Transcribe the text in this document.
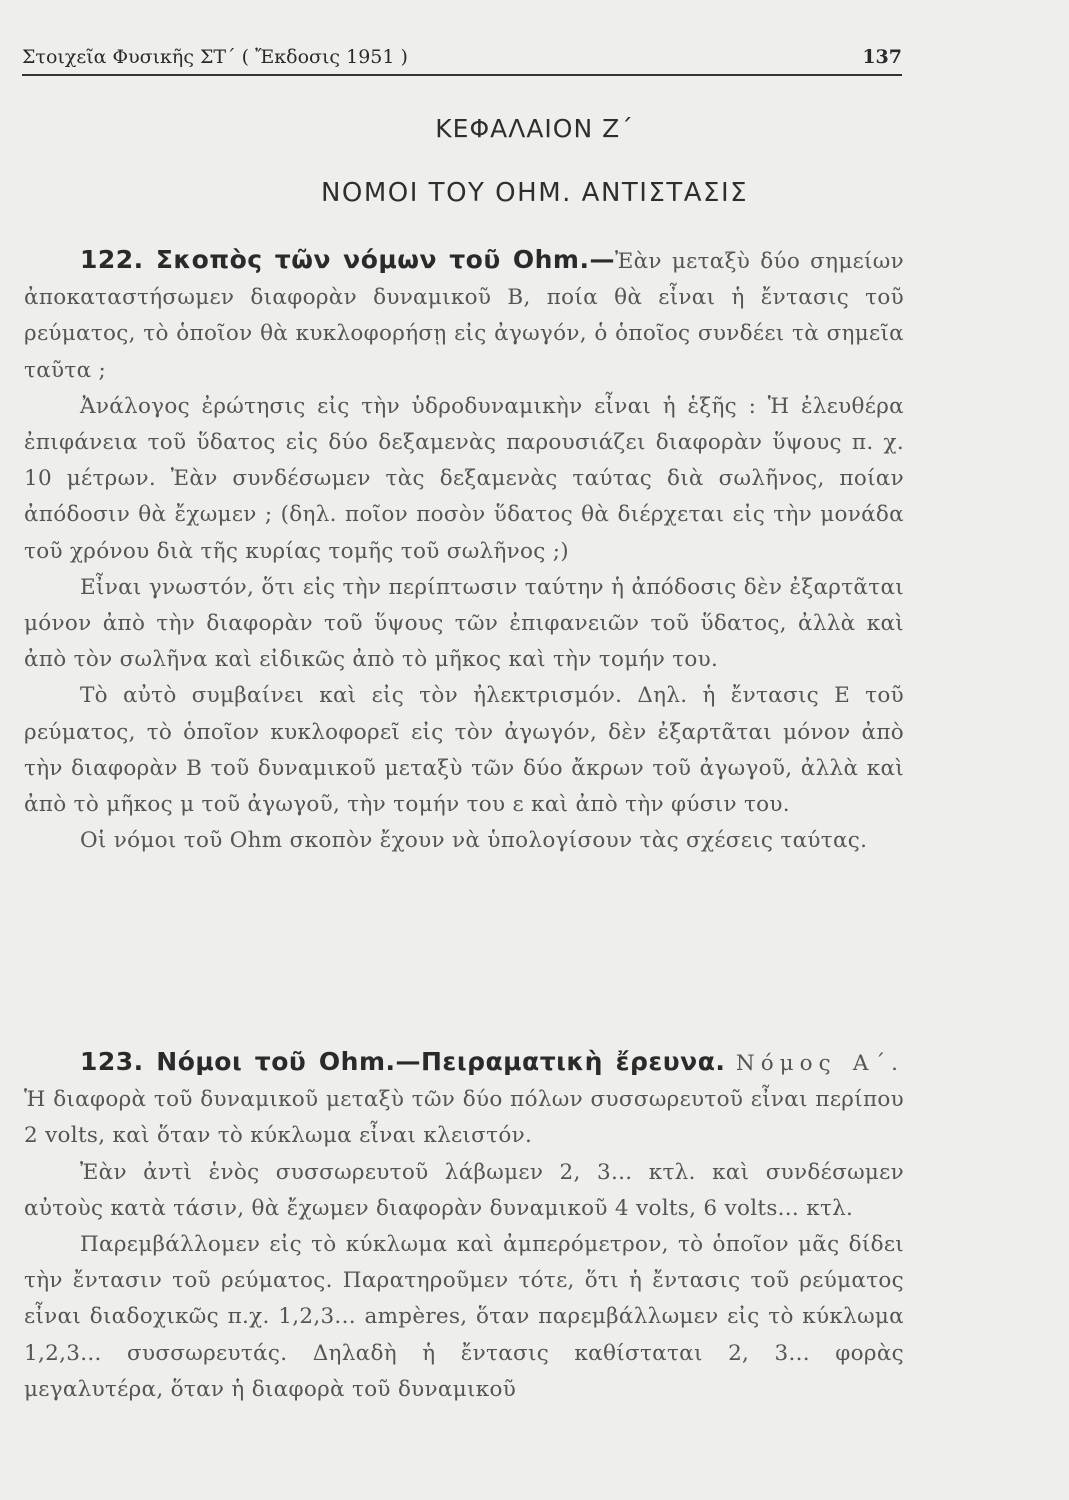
Στοιχεῖα Φυσικῆς ΣΤ΄ ( Ἔκδοσις 1951 )	137
ΚΕΦΑΛΑΙΟΝ Ζ΄
ΝΟΜΟΙ ΤΟΥ ΟΗΜ. ΑΝΤΙΣΤΑΣΙΣ

122. Σκοπὸς τῶν νόμων τοῦ Ohm.—Ἐὰν μεταξὺ δύο σημείων ἀποκαταστήσωμεν διαφορὰν δυναμικοῦ Β, ποία θὰ εἶναι ἡ ἔντασις τοῦ ρεύματος, τὸ ὁποῖον θὰ κυκλοφορήσῃ εἰς ἀγωγόν, ὁ ὁποῖος συνδέει τὰ σημεῖα ταῦτα ;

Ἀνάλογος ἐρώτησις εἰς τὴν ὑδροδυναμικὴν εἶναι ἡ ἑξῆς : Ἡ ἐλευθέρα ἐπιφάνεια τοῦ ὕδατος εἰς δύο δεξαμενὰς παρουσιάζει διαφορὰν ὕψους π. χ. 10 μέτρων. Ἐὰν συνδέσωμεν τὰς δεξαμενὰς ταύτας διὰ σωλῆνος, ποίαν ἀπόδοσιν θὰ ἔχωμεν ; (δηλ. ποῖον ποσὸν ὕδατος θὰ διέρχεται εἰς τὴν μονάδα τοῦ χρόνου διὰ τῆς κυρίας τομῆς τοῦ σωλῆνος ;)

Εἶναι γνωστόν, ὅτι εἰς τὴν περίπτωσιν ταύτην ἡ ἀπόδοσις δὲν ἐξαρτᾶται μόνον ἀπὸ τὴν διαφορὰν τοῦ ὕψους τῶν ἐπιφανειῶν τοῦ ὕδατος, ἀλλὰ καὶ ἀπὸ τὸν σωλῆνα καὶ εἰδικῶς ἀπὸ τὸ μῆκος καὶ τὴν τομήν του.

Τὸ αὐτὸ συμβαίνει καὶ εἰς τὸν ἠλεκτρισμόν. Δηλ. ἡ ἔντασις Ε τοῦ ρεύματος, τὸ ὁποῖον κυκλοφορεῖ εἰς τὸν ἀγωγόν, δὲν ἐξαρτᾶται μόνον ἀπὸ τὴν διαφορὰν Β τοῦ δυναμικοῦ μεταξὺ τῶν δύο ἄκρων τοῦ ἀγωγοῦ, ἀλλὰ καὶ ἀπὸ τὸ μῆκος μ τοῦ ἀγωγοῦ, τὴν τομήν του ε καὶ ἀπὸ τὴν φύσιν του.

Οἱ νόμοι τοῦ Ohm σκοπὸν ἔχουν νὰ ὑπολογίσουν τὰς σχέσεις ταύτας.

123. Νόμοι τοῦ Ohm.—Πειραματικὴ ἔρευνα. Νόμος Α΄. Ἡ διαφορὰ τοῦ δυναμικοῦ μεταξὺ τῶν δύο πόλων συσσωρευτοῦ εἶναι περίπου 2 volts, καὶ ὅταν τὸ κύκλωμα εἶναι κλειστόν.

Ἐὰν ἀντὶ ἑνὸς συσσωρευτοῦ λάβωμεν 2, 3... κτλ. καὶ συνδέσωμεν αὐτοὺς κατὰ τάσιν, θὰ ἔχωμεν διαφορὰν δυναμικοῦ 4 volts, 6 volts... κτλ.

Παρεμβάλλομεν εἰς τὸ κύκλωμα καὶ ἀμπερόμετρον, τὸ ὁποῖον μᾶς δίδει τὴν ἔντασιν τοῦ ρεύματος. Παρατηροῦμεν τότε, ὅτι ἡ ἔντασις τοῦ ρεύματος εἶναι διαδοχικῶς π.χ. 1,2,3... ampères, ὅταν παρεμβάλλωμεν εἰς τὸ κύκλωμα 1,2,3... συσσωρευτάς. Δηλαδὴ ἡ ἔντασις καθίσταται 2, 3... φορὰς μεγαλυτέρα, ὅταν ἡ διαφορὰ τοῦ δυναμικοῦ
